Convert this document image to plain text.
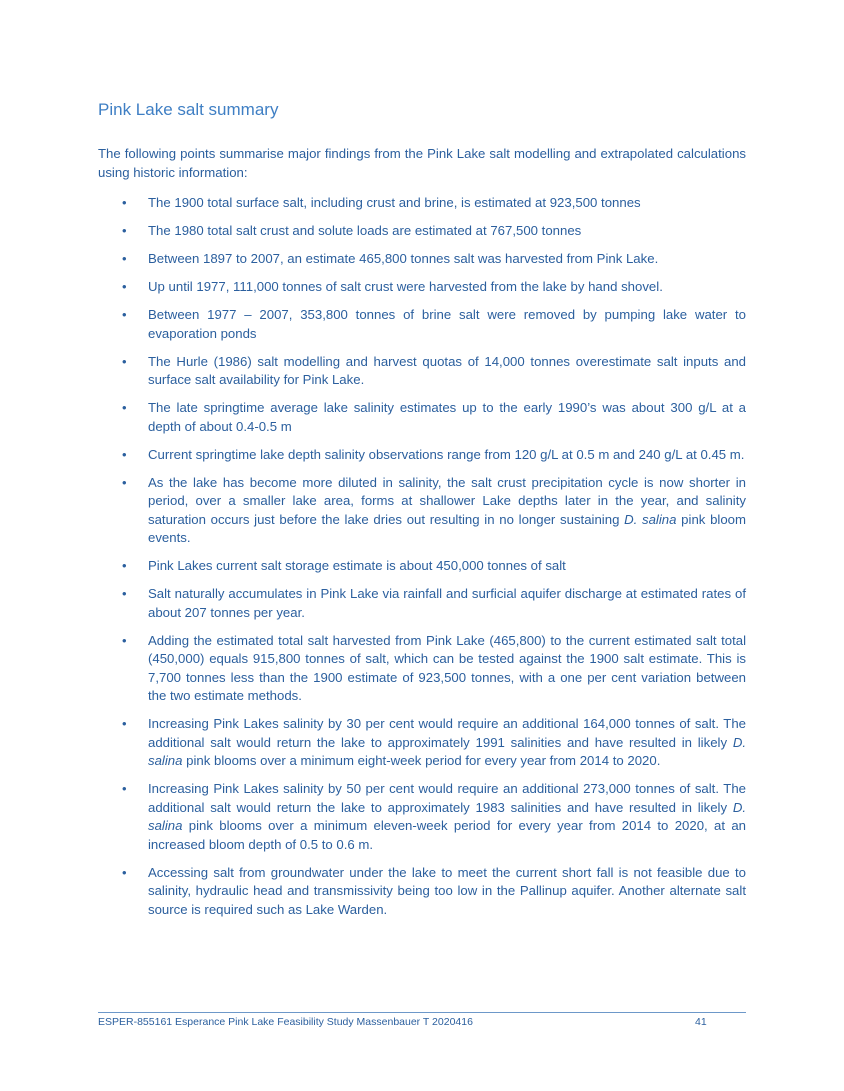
Pink Lake salt summary

The following points summarise major findings from the Pink Lake salt modelling and extrapolated calculations using historic information:

•	The 1900 total surface salt, including crust and brine, is estimated at 923,500 tonnes
•	The 1980 total salt crust and solute loads are estimated at 767,500 tonnes
•	Between 1897 to 2007, an estimate 465,800 tonnes salt was harvested from Pink Lake.
•	Up until 1977, 111,000 tonnes of salt crust were harvested from the lake by hand shovel.
•	Between 1977 – 2007, 353,800 tonnes of brine salt were removed by pumping lake water to evaporation ponds
•	The Hurle (1986) salt modelling and harvest quotas of 14,000 tonnes overestimate salt inputs and surface salt availability for Pink Lake.
•	The late springtime average lake salinity estimates up to the early 1990’s was about 300 g/L at a depth of about 0.4-0.5 m
•	Current springtime lake depth salinity observations range from 120 g/L at 0.5 m and 240 g/L at 0.45 m.
•	As the lake has become more diluted in salinity, the salt crust precipitation cycle is now shorter in period, over a smaller lake area, forms at shallower Lake depths later in the year, and salinity saturation occurs just before the lake dries out resulting in no longer sustaining D. salina pink bloom events.
•	Pink Lakes current salt storage estimate is about 450,000 tonnes of salt
•	Salt naturally accumulates in Pink Lake via rainfall and surficial aquifer discharge at estimated rates of about 207 tonnes per year.
•	Adding the estimated total salt harvested from Pink Lake (465,800) to the current estimated salt total (450,000) equals 915,800 tonnes of salt, which can be tested against the 1900 salt estimate. This is 7,700 tonnes less than the 1900 estimate of 923,500 tonnes, with a one per cent variation between the two estimate methods.
•	Increasing Pink Lakes salinity by 30 per cent would require an additional 164,000 tonnes of salt. The additional salt would return the lake to approximately 1991 salinities and have resulted in likely D. salina pink blooms over a minimum eight-week period for every year from 2014 to 2020.
•	Increasing Pink Lakes salinity by 50 per cent would require an additional 273,000 tonnes of salt. The additional salt would return the lake to approximately 1983 salinities and have resulted in likely D. salina pink blooms over a minimum eleven-week period for every year from 2014 to 2020, at an increased bloom depth of 0.5 to 0.6 m.
•	Accessing salt from groundwater under the lake to meet the current short fall is not feasible due to salinity, hydraulic head and transmissivity being too low in the Pallinup aquifer. Another alternate salt source is required such as Lake Warden.
ESPER-855161 Esperance Pink Lake Feasibility Study Massenbauer T 2020416	41
